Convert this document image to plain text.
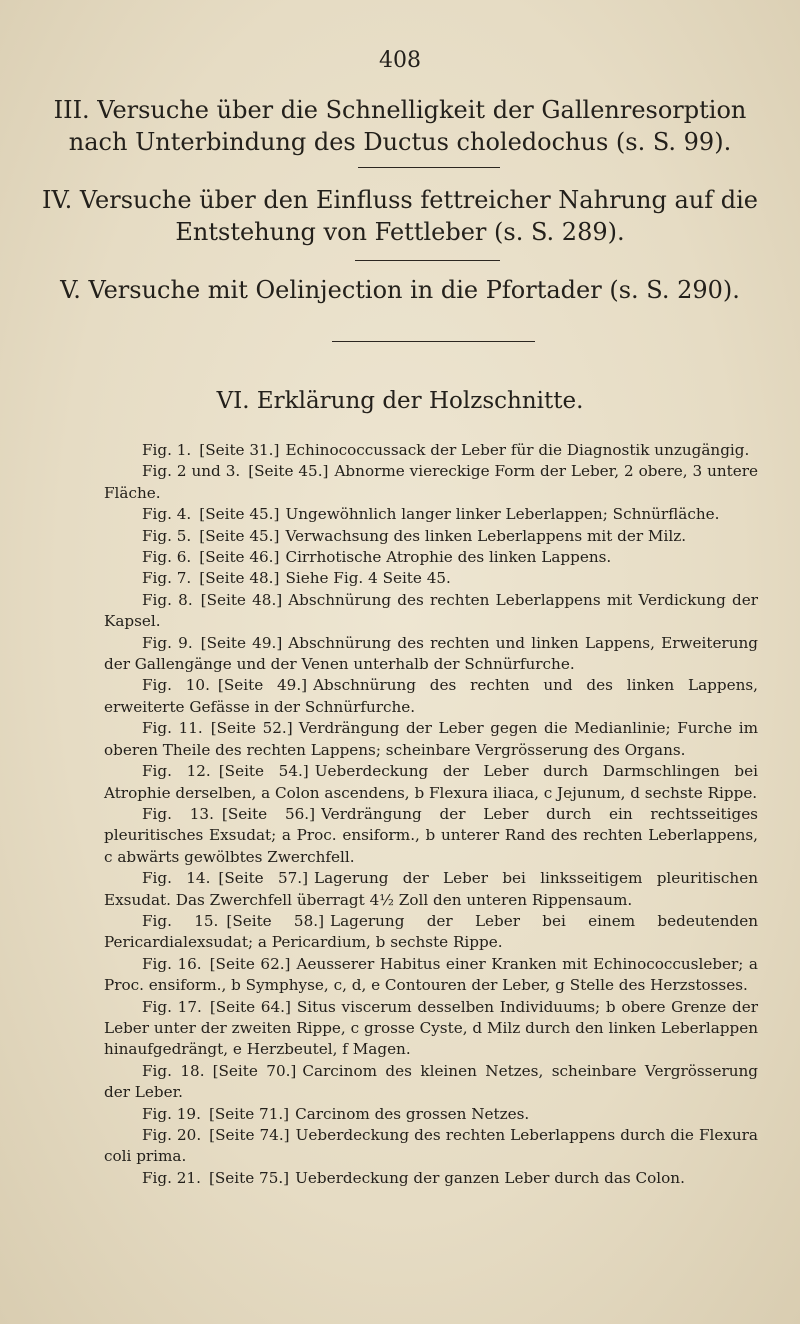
408
III. Versuche über die Schnelligkeit der Gallenresorption
nach Unterbindung des Ductus choledochus (s. S. 99).
IV. Versuche über den Einfluss fettreicher Nahrung auf die
Entstehung von Fettleber (s. S. 289).
V. Versuche mit Oelinjection in die Pfortader (s. S. 290).
VI. Erklärung der Holzschnitte.

Fig. 1. [Seite 31.] Echinococcussack der Leber für die Diagnostik unzugängig.

Fig. 2 und 3. [Seite 45.] Abnorme viereckige Form der Leber, 2 obere, 3 untere Fläche.

Fig. 4. [Seite 45.] Ungewöhnlich langer linker Leberlappen; Schnürfläche.

Fig. 5. [Seite 45.] Verwachsung des linken Leberlappens mit der Milz.

Fig. 6. [Seite 46.] Cirrhotische Atrophie des linken Lappens.

Fig. 7. [Seite 48.] Siehe Fig. 4 Seite 45.

Fig. 8. [Seite 48.] Abschnürung des rechten Leberlappens mit Verdickung der Kapsel.

Fig. 9. [Seite 49.] Abschnürung des rechten und linken Lappens, Erweiterung der Gallengänge und der Venen unterhalb der Schnürfurche.

Fig. 10. [Seite 49.] Abschnürung des rechten und des linken Lappens, erweiterte Gefässe in der Schnürfurche.

Fig. 11. [Seite 52.] Verdrängung der Leber gegen die Medianlinie; Furche im oberen Theile des rechten Lappens; scheinbare Vergrösserung des Organs.

Fig. 12. [Seite 54.] Ueberdeckung der Leber durch Darmschlingen bei Atrophie derselben, a Colon ascendens, b Flexura iliaca, c Jejunum, d sechste Rippe.

Fig. 13. [Seite 56.] Verdrängung der Leber durch ein rechtsseitiges pleuritisches Exsudat; a Proc. ensiform., b unterer Rand des rechten Leberlappens, c abwärts gewölbtes Zwerchfell.

Fig. 14. [Seite 57.] Lagerung der Leber bei linksseitigem pleuritischen Exsudat. Das Zwerchfell überragt 4½ Zoll den unteren Rippensaum.

Fig. 15. [Seite 58.] Lagerung der Leber bei einem bedeutenden Pericardialexsudat; a Pericardium, b sechste Rippe.

Fig. 16. [Seite 62.] Aeusserer Habitus einer Kranken mit Echinococcusleber; a Proc. ensiform., b Symphyse, c, d, e Contouren der Leber, g Stelle des Herzstosses.

Fig. 17. [Seite 64.] Situs viscerum desselben Individuums; b obere Grenze der Leber unter der zweiten Rippe, c grosse Cyste, d Milz durch den linken Leberlappen hinaufgedrängt, e Herzbeutel, f Magen.

Fig. 18. [Seite 70.] Carcinom des kleinen Netzes, scheinbare Vergrösserung der Leber.

Fig. 19. [Seite 71.] Carcinom des grossen Netzes.

Fig. 20. [Seite 74.] Ueberdeckung des rechten Leberlappens durch die Flexura coli prima.

Fig. 21. [Seite 75.] Ueberdeckung der ganzen Leber durch das Colon.
